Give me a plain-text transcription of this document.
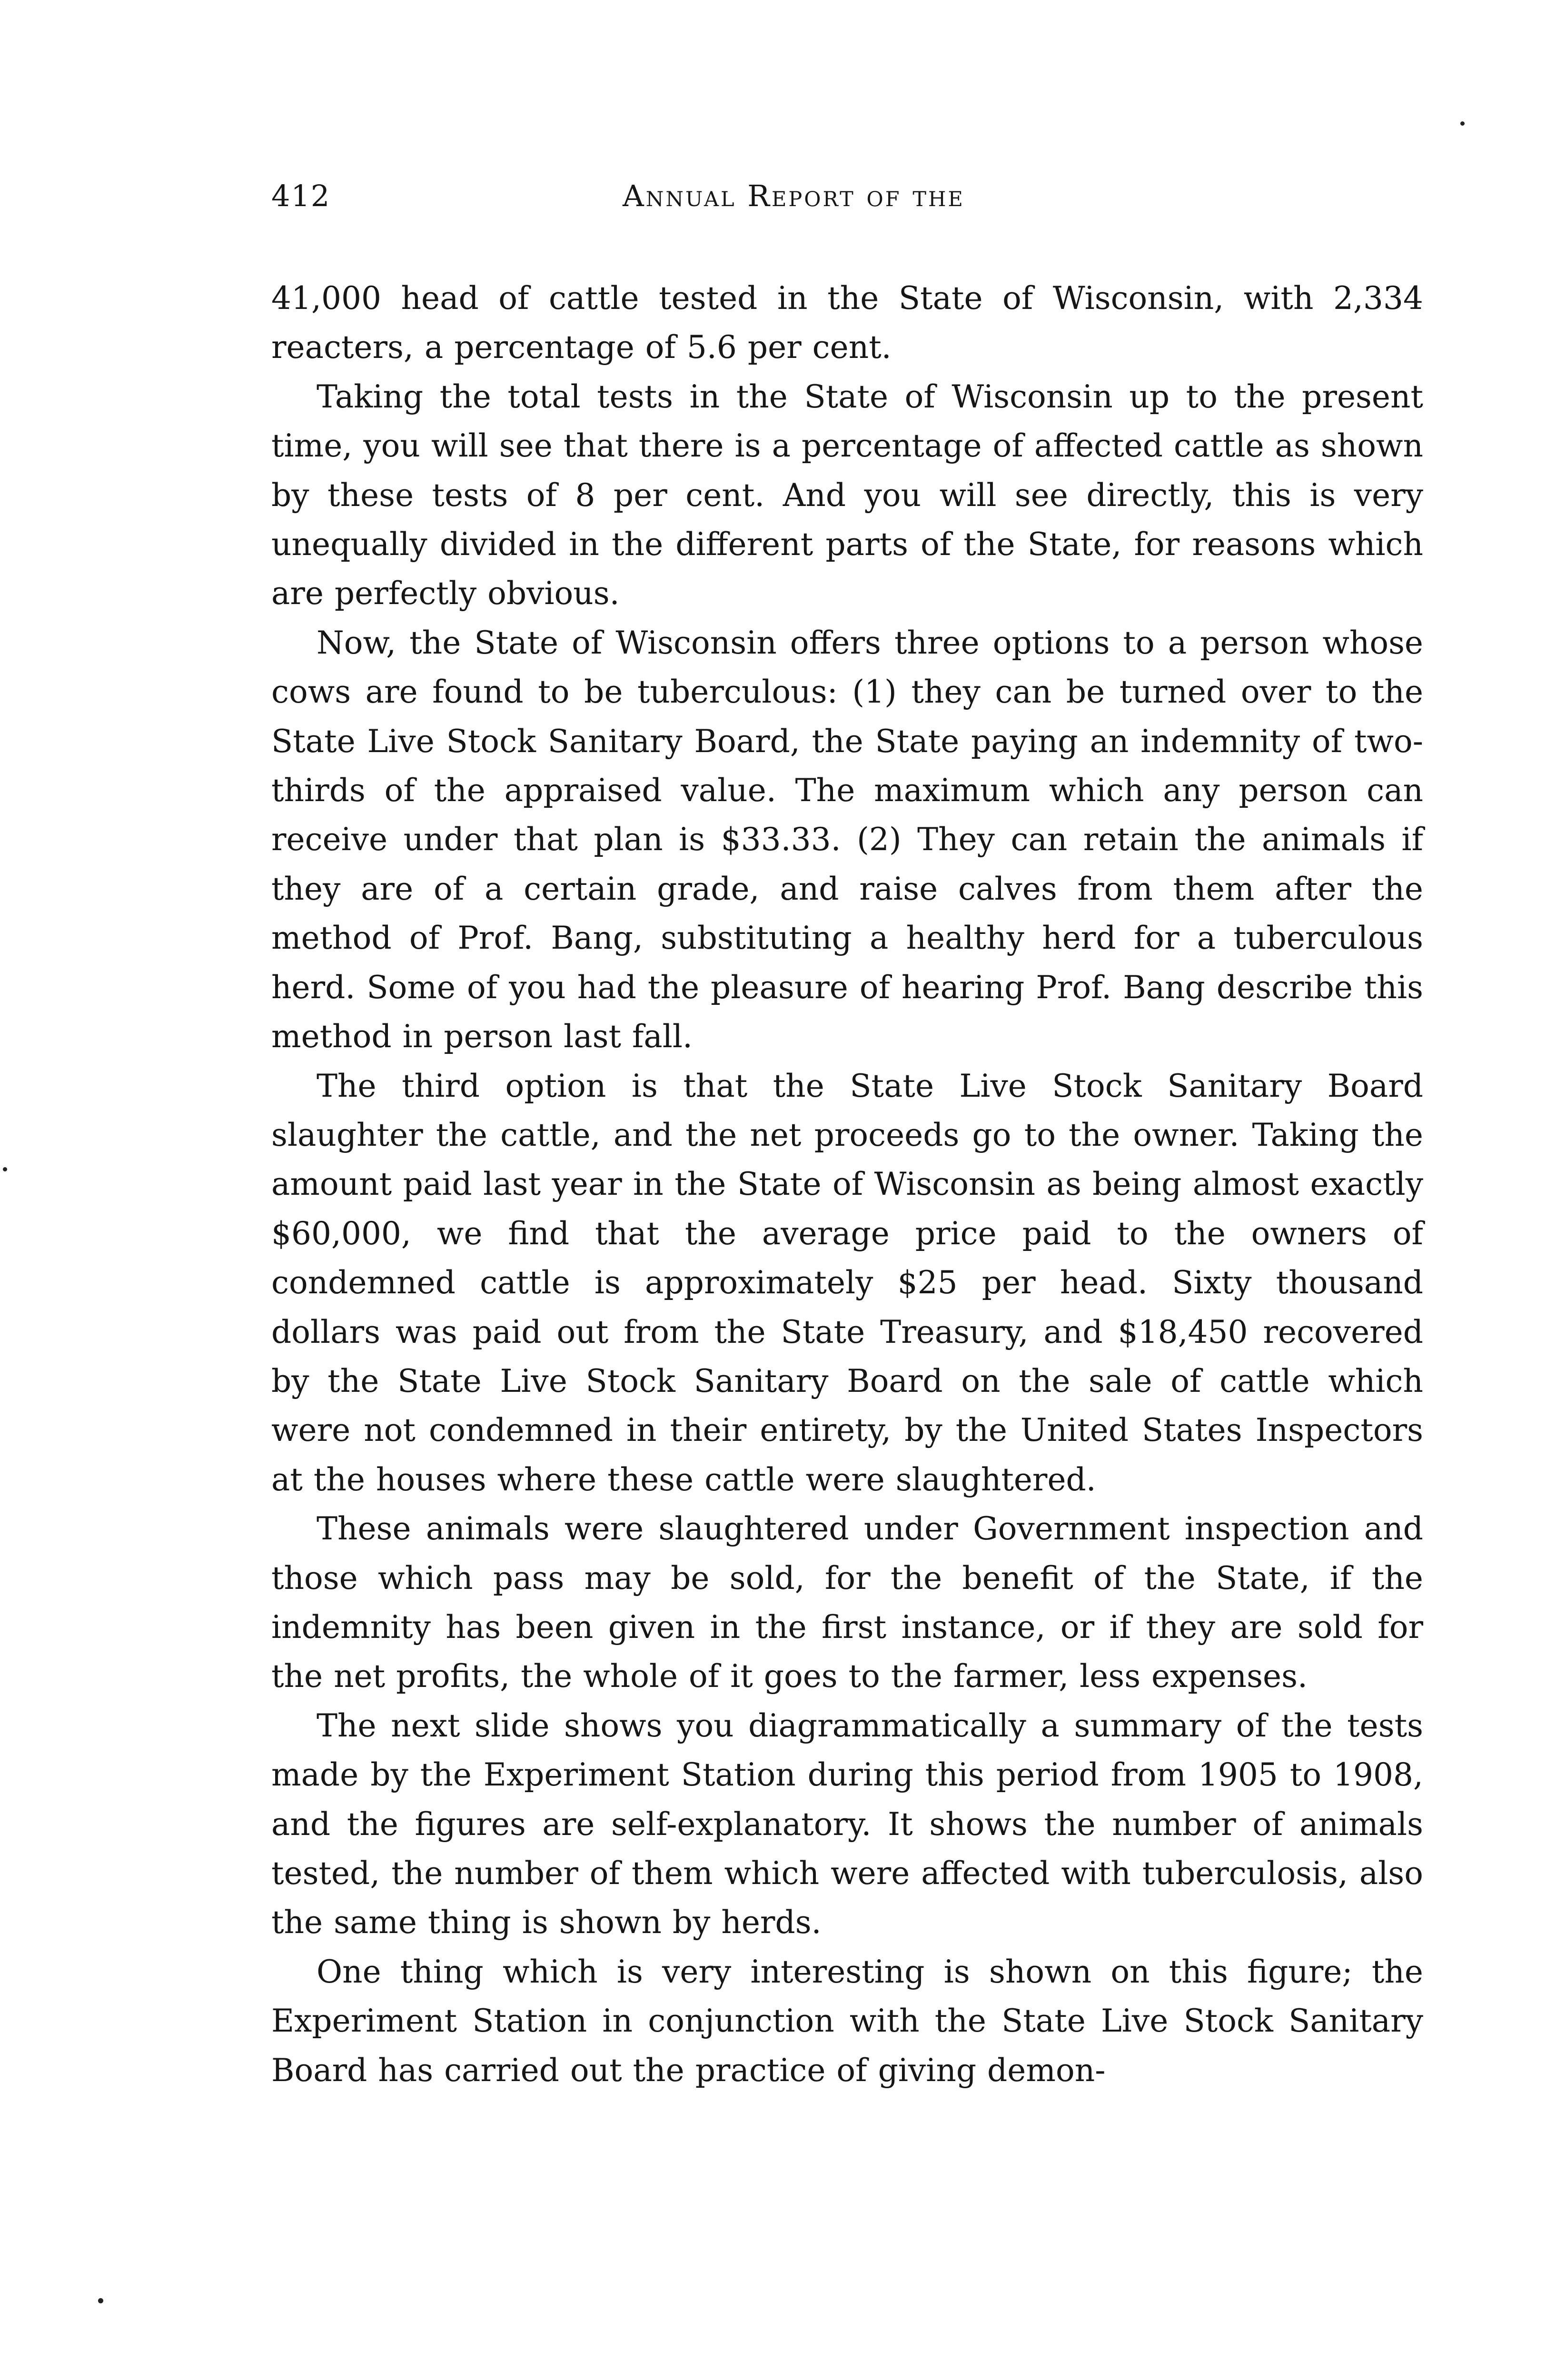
412	Annual Report of the

41,000 head of cattle tested in the State of Wisconsin, with 2,334 reacters, a percentage of 5.6 per cent.

Taking the total tests in the State of Wisconsin up to the present time, you will see that there is a percentage of affected cattle as shown by these tests of 8 per cent. And you will see directly, this is very unequally divided in the different parts of the State, for reasons which are perfectly obvious.

Now, the State of Wisconsin offers three options to a person whose cows are found to be tuberculous: (1) they can be turned over to the State Live Stock Sanitary Board, the State paying an indemnity of two-thirds of the appraised value. The maximum which any person can receive under that plan is $33.33. (2) They can retain the animals if they are of a certain grade, and raise calves from them after the method of Prof. Bang, substituting a healthy herd for a tuberculous herd. Some of you had the pleasure of hearing Prof. Bang describe this method in person last fall.

The third option is that the State Live Stock Sanitary Board slaughter the cattle, and the net proceeds go to the owner. Taking the amount paid last year in the State of Wisconsin as being almost exactly $60,000, we find that the average price paid to the owners of condemned cattle is approximately $25 per head. Sixty thousand dollars was paid out from the State Treasury, and $18,450 recovered by the State Live Stock Sanitary Board on the sale of cattle which were not condemned in their entirety, by the United States Inspectors at the houses where these cattle were slaughtered.

These animals were slaughtered under Government inspection and those which pass may be sold, for the benefit of the State, if the indemnity has been given in the first instance, or if they are sold for the net profits, the whole of it goes to the farmer, less expenses.

The next slide shows you diagrammatically a summary of the tests made by the Experiment Station during this period from 1905 to 1908, and the figures are self-explanatory. It shows the number of animals tested, the number of them which were affected with tuberculosis, also the same thing is shown by herds.

One thing which is very interesting is shown on this figure; the Experiment Station in conjunction with the State Live Stock Sanitary Board has carried out the practice of giving demon-
